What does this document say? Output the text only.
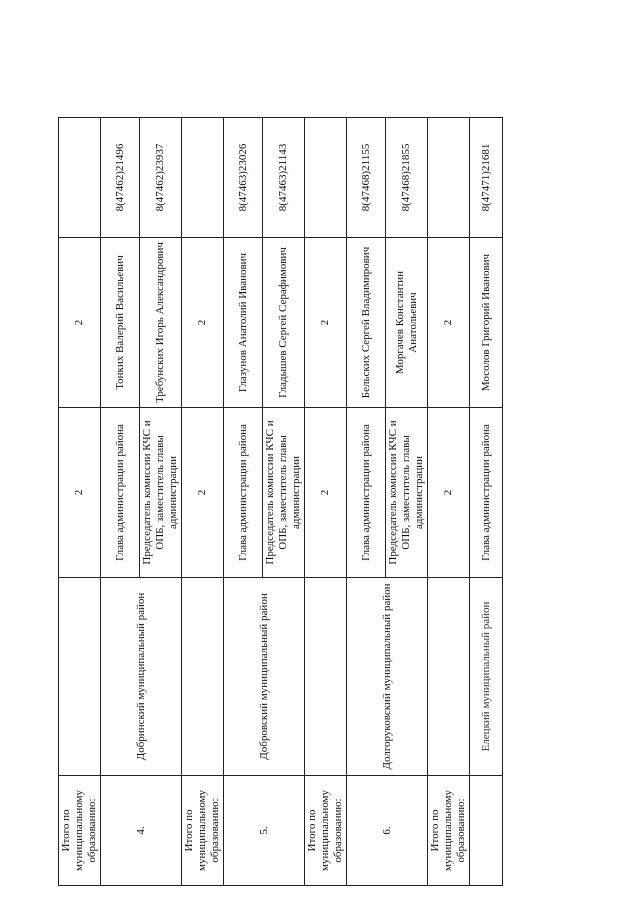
Итого по муниципальному образованию:		2	2	
4.	Добринский муниципальный район	Глава администрации района	Тонких Валерий Васильевич	8(47462)21496
		Председатель комиссии КЧС и ОПБ, заместитель главы администрации	Требунских Игорь Александрович	8(47462)23937
Итого по муниципальному образованию:		2	2	
5.	Добровский муниципальный район	Глава администрации района	Глазунов Анатолий Иванович	8(47463)23026
		Председатель комиссии КЧС и ОПБ, заместитель главы администрации	Гладышев Сергей Серафимович	8(47463)21143
Итого по муниципальному образованию:		2	2	
6.	Долгоруковский муниципальный район	Глава администрации района	Бельских Сергей Владимирович	8(47468)21155
		Председатель комиссии КЧС и ОПБ, заместитель главы администрации	Моргачев Константин Анатольевич	8(47468)21855
Итого по муниципальному образованию:		2	2	
	Елецкий муниципальный район	Глава администрации района	Мосолов Григорий Иванович	8(47471)21681
